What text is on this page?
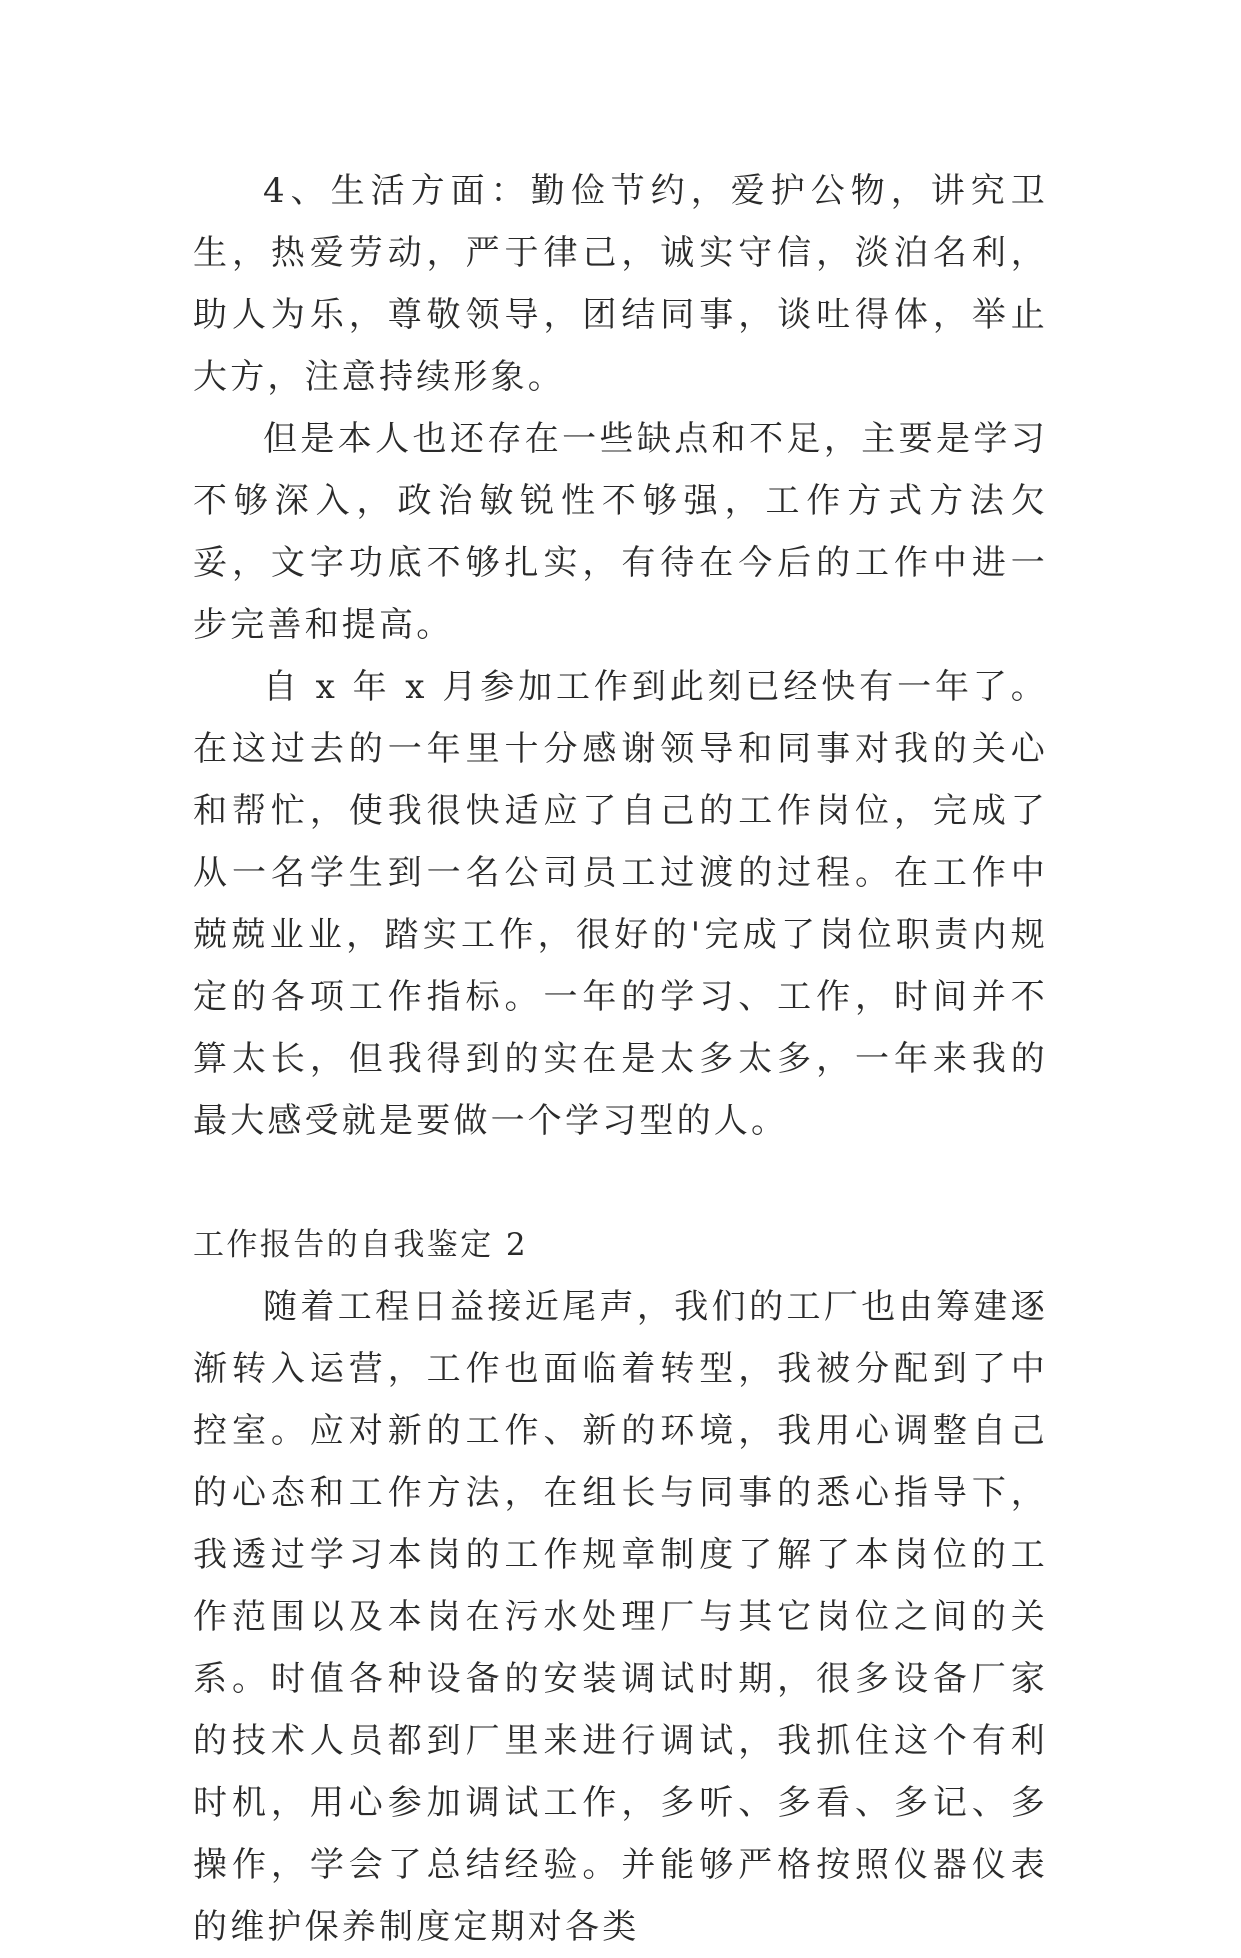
4、生活方面：勤俭节约，爱护公物，讲究卫生，热爱劳动，严于律己，诚实守信，淡泊名利，助人为乐，尊敬领导，团结同事，谈吐得体，举止大方，注意持续形象。

但是本人也还存在一些缺点和不足，主要是学习不够深入，政治敏锐性不够强，工作方式方法欠妥，文字功底不够扎实，有待在今后的工作中进一步完善和提高。

自 x 年 x 月参加工作到此刻已经快有一年了。在这过去的一年里十分感谢领导和同事对我的关心和帮忙，使我很快适应了自己的工作岗位，完成了从一名学生到一名公司员工过渡的过程。在工作中兢兢业业，踏实工作，很好的'完成了岗位职责内规定的各项工作指标。一年的学习、工作，时间并不算太长，但我得到的实在是太多太多，一年来我的最大感受就是要做一个学习型的人。

工作报告的自我鉴定 2

随着工程日益接近尾声，我们的工厂也由筹建逐渐转入运营，工作也面临着转型，我被分配到了中控室。应对新的工作、新的环境，我用心调整自己的心态和工作方法，在组长与同事的悉心指导下，我透过学习本岗的工作规章制度了解了本岗位的工作范围以及本岗在污水处理厂与其它岗位之间的关系。时值各种设备的安装调试时期，很多设备厂家的技术人员都到厂里来进行调试，我抓住这个有利时机，用心参加调试工作，多听、多看、多记、多操作，学会了总结经验。并能够严格按照仪器仪表的维护保养制度定期对各类
